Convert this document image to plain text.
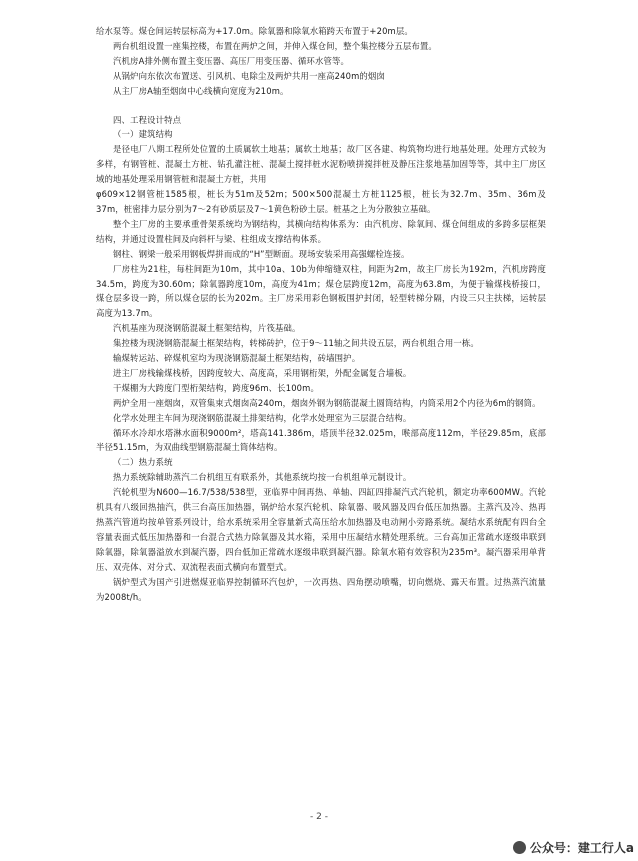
给水泵等。煤仓间运转层标高为+17.0m。除氧器和除氧水箱跨天布置于+20m层。

两台机组设置一座集控楼，布置在两炉之间，并伸入煤仓间，整个集控楼分五层布置。

汽机房A排外侧布置主变压器、高压厂用变压器、循环水管等。

从锅炉向东依次布置送、引风机、电除尘及两炉共用一座高240m的烟囱

从主厂房A轴至烟囱中心线横向宽度为210m。

四、工程设计特点

（一）建筑结构

是径电厂八期工程所处位置的土质属软土地基；属软土地基；故厂区各建、构筑物均进行地基处理。处理方式较为多样，有钢管桩、混凝土方桩、钻孔灌注桩、混凝土搅拌桩水泥粉喷拼搅拌桩及静压注浆地基加固等等，其中主厂房区域的地基处理采用钢管桩和混凝土方桩，共用

φ609×12钢管桩1585根，桩长为51m及52m；500×500混凝土方桩1125根，桩长为32.7m、35m、36m及37m，桩密排力层分别为7～2有砂质层及7～1黄色粉砂土层。桩基之上为分散独立基础。

整个主厂房的主要承重骨架系统均为钢结构，其横向结构体系为：由汽机房、除氧间、煤仓间组成的多跨多层框架结构，并通过设置柱间及向斜杆与梁、柱组成支撑结构体系。

钢柱、钢梁一般采用钢板焊拼而成的“H”型断面。现场安装采用高强螺栓连接。

厂房柱为21柱，每柱间距为10m，其中10a、10b为伸缩缝双柱，间距为2m，故主厂房长为192m，汽机房跨度34.5m，跨度为30.60m；除氧器跨度10m，高度为41m；煤仓层跨度12m，高度为63.8m，为便于输煤栈桥接口，煤仓层多设一跨，所以煤仓层的长为202m。主厂房采用彩色钢板围护封闭，轻型转梯分隔，内设三只主扶梯，运转层高度为13.7m。

汽机基座为现浇钢筋混凝土框架结构，片筏基础。

集控楼为现浇钢筋混凝土框架结构，转梯砖护，位于9～11轴之间共设五层，两台机组合用一栋。

输煤转运站、碎煤机室均为现浇钢筋混凝土框架结构，砖墙围护。

进主厂房栈输煤栈桥，因跨度较大、高度高，采用钢桁架，外配金属复合墙板。

干煤棚为大跨度门型桁架结构，跨度96m、长100m。

两炉全用一座烟囱，双管集束式烟囱高240m，烟囱外钢为钢筋混凝土圆筒结构，内筒采用2个内径为6m的钢筒。

化学水处理主车间为现浇钢筋混凝土排架结构，化学水处理室为三层混合结构。

循环水冷却水塔淋水面积9000m²，塔高141.386m，塔顶半径32.025m，喉部高度112m，半径29.85m，底部半径51.15m，为双曲线型钢筋混凝土筒体结构。

（二）热力系统

热力系统除辅助蒸汽二台机组互有联系外，其他系统均按一台机组单元制设计。

汽轮机型为N600—16.7/538/538型，亚临界中间再热、单轴、四缸四排凝汽式汽轮机，额定功率600MW。汽轮机具有八级回热抽汽，供三台高压加热器，锅炉给水泵汽轮机、除氧器、吸风器及四台低压加热器。主蒸汽及冷、热再热蒸汽管道均按单管系列设计，给水系统采用全容量新式高压给水加热器及电动闸小旁路系统。凝结水系统配有四台全容量表面式低压加热器和一台混合式热力除氧器及其水箱，采用中压凝结水精处理系统。三台高加正常疏水逐级串联到除氧器，除氧器溢放水到凝汽器，四台低加正常疏水逐级串联到凝汽器。除氧水箱有效容积为235m³。凝汽器采用单背压、双壳体、对分式、双流程表面式横向布置型式。

锅炉型式为国产引进燃煤亚临界控制循环汽包炉，一次再热、四角摆动喷嘴，切向燃烧、露天布置。过热蒸汽流量为2008t/h。

- 2 -
公众号：建工行人a
